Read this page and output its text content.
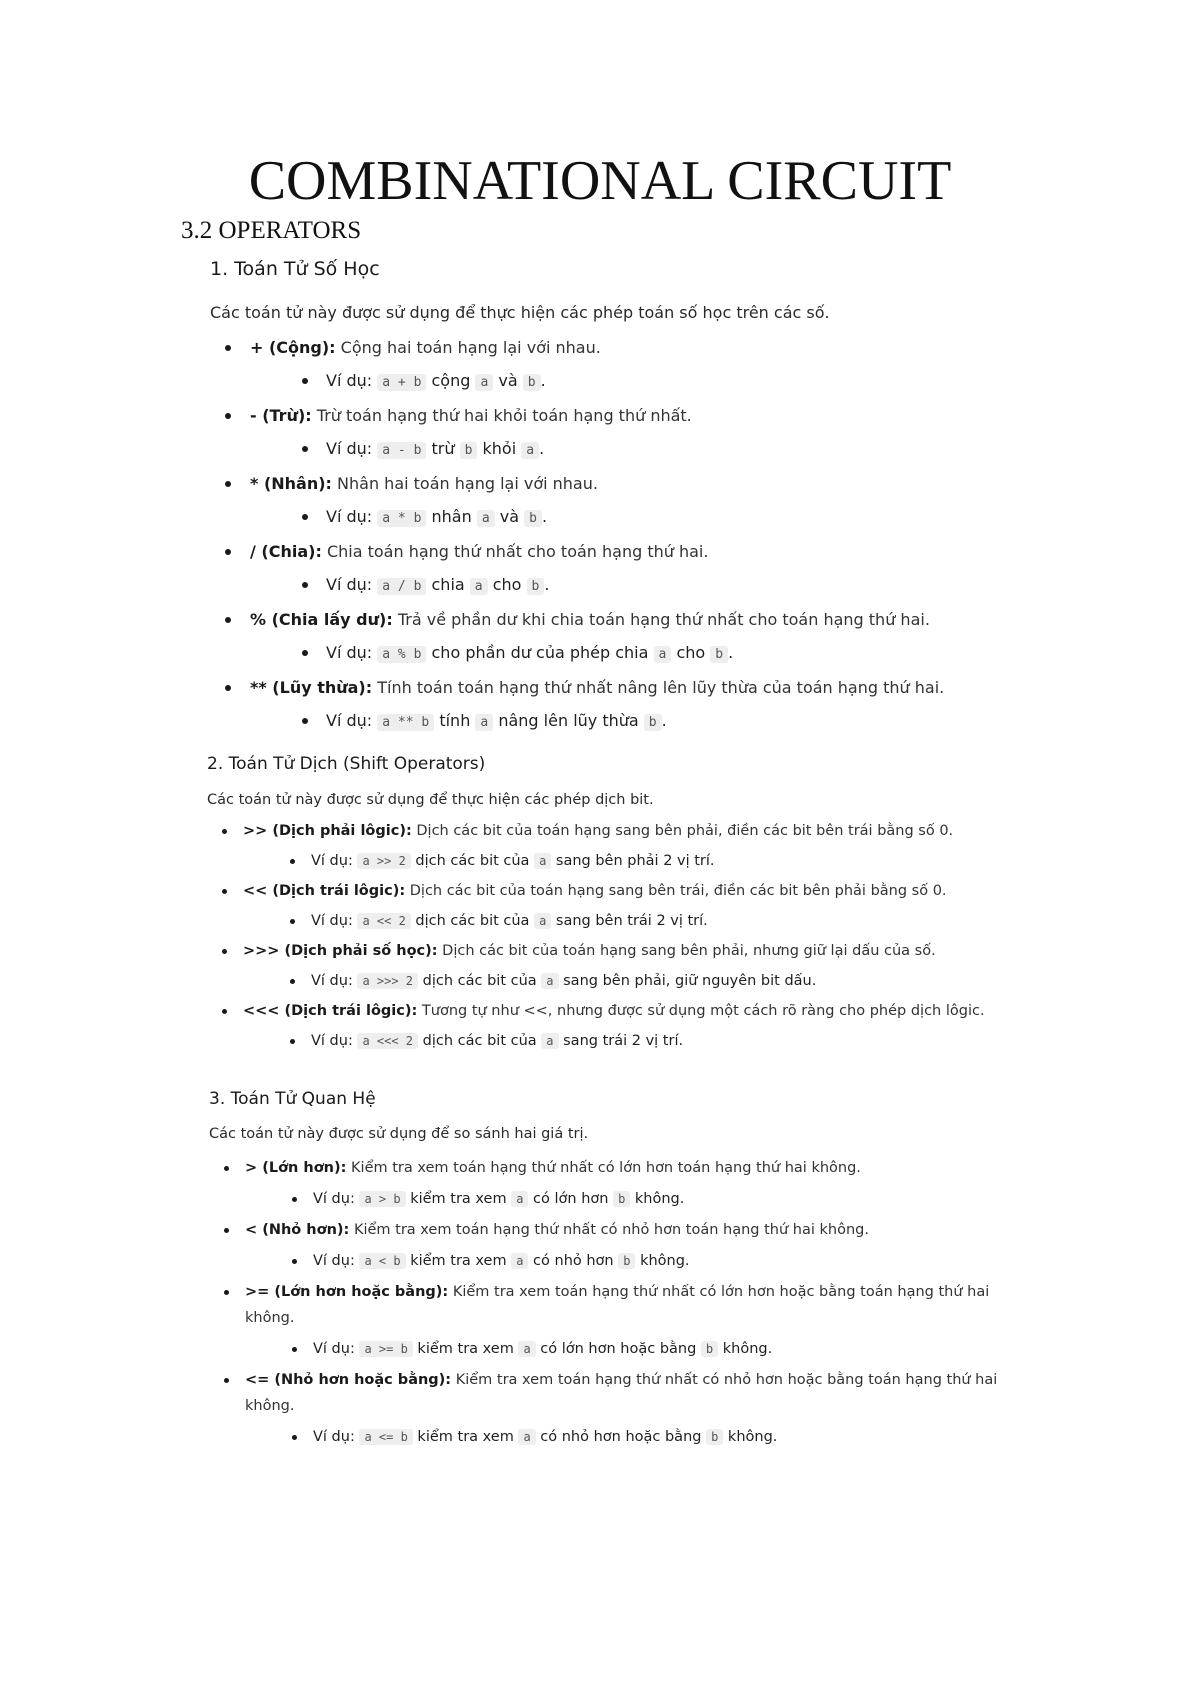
COMBINATIONAL CIRCUIT
3.2 OPERATORS
1. Toán Tử Số Học

Các toán tử này được sử dụng để thực hiện các phép toán số học trên các số.

+ (Cộng): Cộng hai toán hạng lại với nhau.
Ví dụ: a + b cộng a và b .
- (Trừ): Trừ toán hạng thứ hai khỏi toán hạng thứ nhất.
Ví dụ: a - b trừ b khỏi a .
* (Nhân): Nhân hai toán hạng lại với nhau.
Ví dụ: a * b nhân a và b .
/ (Chia): Chia toán hạng thứ nhất cho toán hạng thứ hai.
Ví dụ: a / b chia a cho b .
% (Chia lấy dư): Trả về phần dư khi chia toán hạng thứ nhất cho toán hạng thứ hai.
Ví dụ: a % b cho phần dư của phép chia a cho b .
** (Lũy thừa): Tính toán toán hạng thứ nhất nâng lên lũy thừa của toán hạng thứ hai.
Ví dụ: a ** b tính a nâng lên lũy thừa b .
2. Toán Tử Dịch (Shift Operators)

Các toán tử này được sử dụng để thực hiện các phép dịch bit.

>> (Dịch phải lôgic): Dịch các bit của toán hạng sang bên phải, điền các bit bên trái bằng số 0.
Ví dụ: a >> 2 dịch các bit của a sang bên phải 2 vị trí.
<< (Dịch trái lôgic): Dịch các bit của toán hạng sang bên trái, điền các bit bên phải bằng số 0.
Ví dụ: a << 2 dịch các bit của a sang bên trái 2 vị trí.
>>> (Dịch phải số học): Dịch các bit của toán hạng sang bên phải, nhưng giữ lại dấu của số.
Ví dụ: a >>> 2 dịch các bit của a sang bên phải, giữ nguyên bit dấu.
<<< (Dịch trái lôgic): Tương tự như <<, nhưng được sử dụng một cách rõ ràng cho phép dịch lôgic.
Ví dụ: a <<< 2 dịch các bit của a sang trái 2 vị trí.
3. Toán Tử Quan Hệ

Các toán tử này được sử dụng để so sánh hai giá trị.

> (Lớn hơn): Kiểm tra xem toán hạng thứ nhất có lớn hơn toán hạng thứ hai không.
Ví dụ: a > b kiểm tra xem a có lớn hơn b không.
< (Nhỏ hơn): Kiểm tra xem toán hạng thứ nhất có nhỏ hơn toán hạng thứ hai không.
Ví dụ: a < b kiểm tra xem a có nhỏ hơn b không.
>= (Lớn hơn hoặc bằng): Kiểm tra xem toán hạng thứ nhất có lớn hơn hoặc bằng toán hạng thứ hai không.
Ví dụ: a >= b kiểm tra xem a có lớn hơn hoặc bằng b không.
<= (Nhỏ hơn hoặc bằng): Kiểm tra xem toán hạng thứ nhất có nhỏ hơn hoặc bằng toán hạng thứ hai không.
Ví dụ: a <= b kiểm tra xem a có nhỏ hơn hoặc bằng b không.
